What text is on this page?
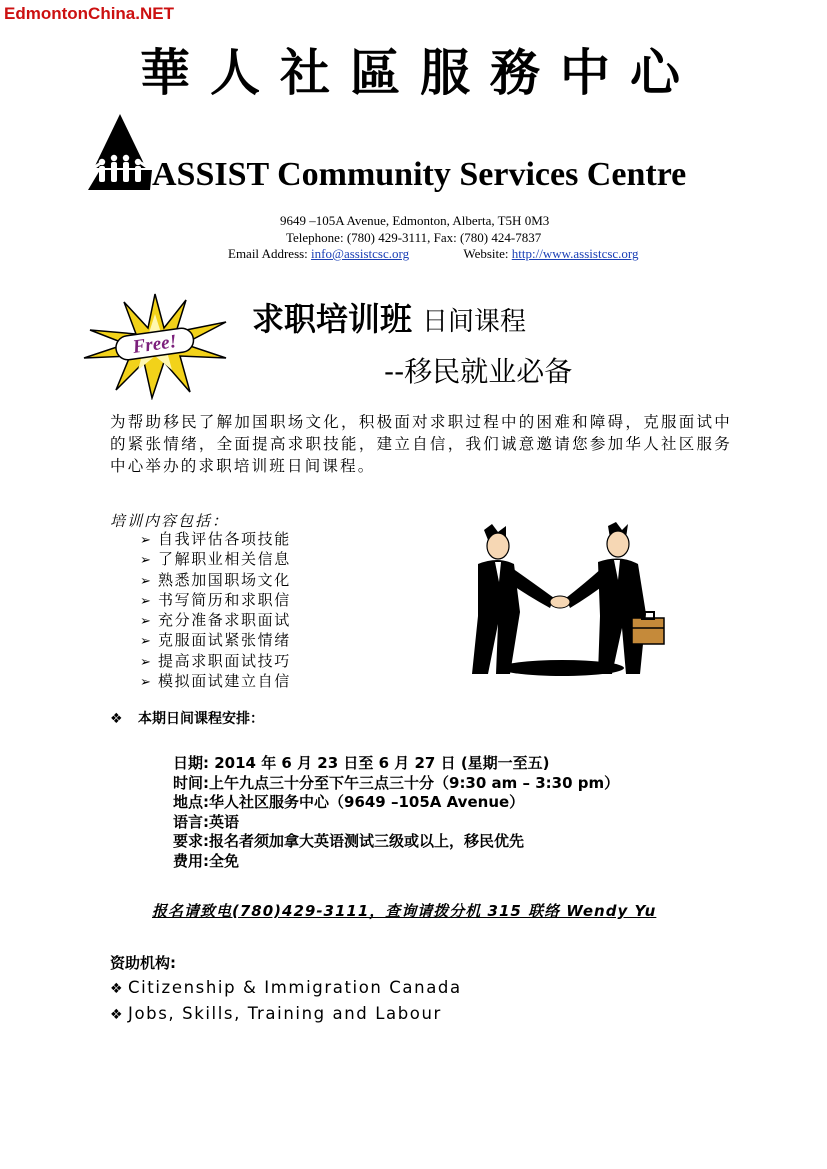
EdmontonChina.NET
華人社區服務中心
ASSIST Community Services Centre
9649 –105A Avenue, Edmonton, Alberta, T5H 0M3
Telephone: (780) 429-3111, Fax: (780) 424-7837
Email Address: info@assistcsc.org	Website: http://www.assistcsc.org
Free!
求职培训班 日间课程
--移民就业必备
为帮助移民了解加国职场文化，积极面对求职过程中的困难和障碍，克服面试中的紧张情绪，全面提高求职技能，建立自信，我们诚意邀请您参加华人社区服务中心举办的求职培训班日间课程。
培训内容包括：
➢ 自我评估各项技能
➢ 了解职业相关信息
➢ 熟悉加国职场文化
➢ 书写简历和求职信
➢ 充分准备求职面试
➢ 克服面试紧张情绪
➢ 提高求职面试技巧
➢ 模拟面试建立自信
❖ 本期日间课程安排：
日期: 2014 年 6 月 23 日至 6 月 27 日 (星期一至五)
时间:上午九点三十分至下午三点三十分（9:30 am – 3:30 pm）
地点:华人社区服务中心（9649 –105A Avenue）
语言:英语
要求:报名者须加拿大英语测试三级或以上，移民优先
费用:全免
报名请致电(780)429-3111，查询请拨分机 315 联络 Wendy Yu
资助机构:
❖ Citizenship & Immigration Canada
❖ Jobs, Skills, Training and Labour
